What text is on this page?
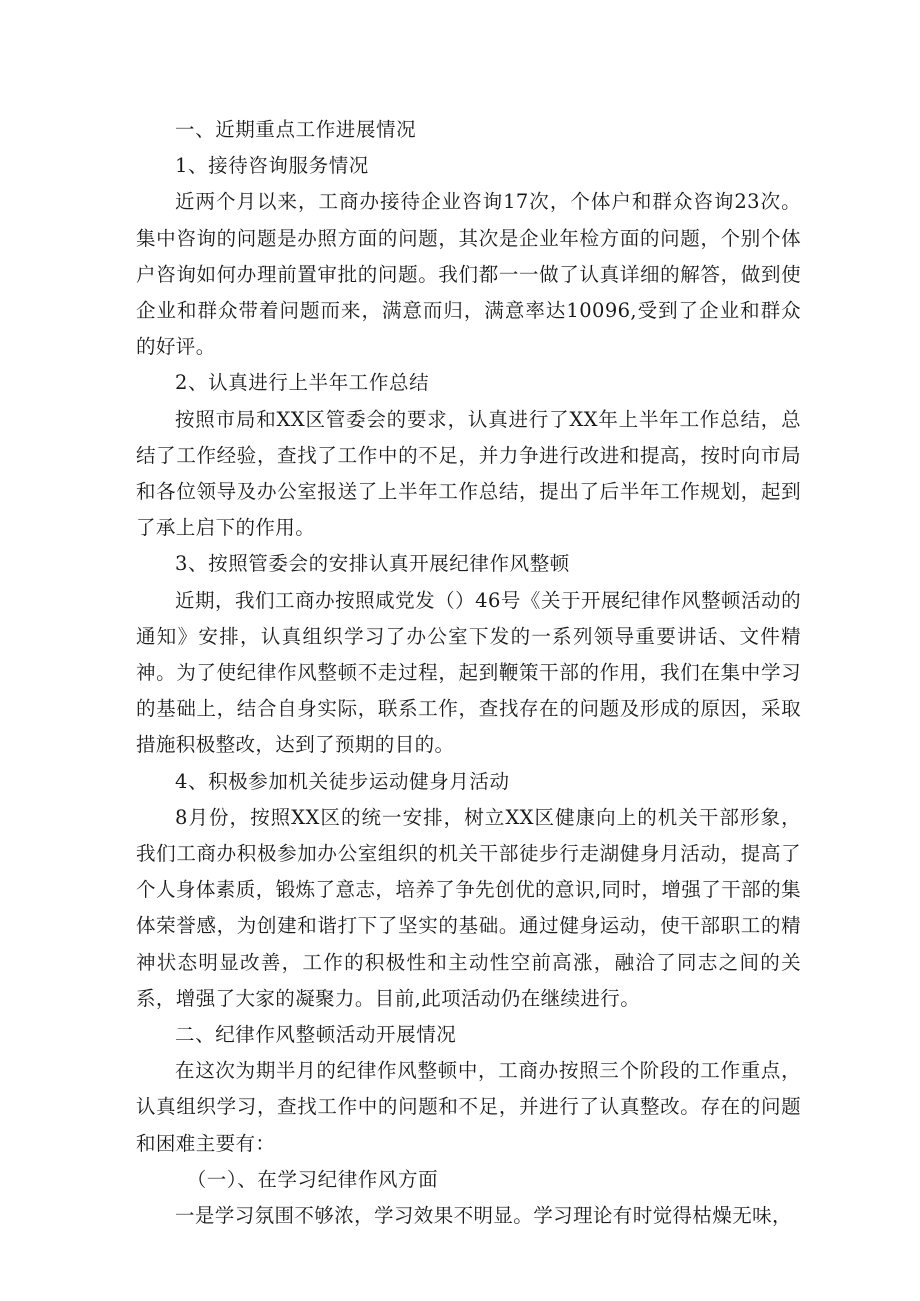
一、近期重点工作进展情况

1、接待咨询服务情况

近两个月以来，工商办接待企业咨询17次，个体户和群众咨询23次。集中咨询的问题是办照方面的问题，其次是企业年检方面的问题，个别个体户咨询如何办理前置审批的问题。我们都一一做了认真详细的解答，做到使企业和群众带着问题而来，满意而归，满意率达10096,受到了企业和群众的好评。

2、认真进行上半年工作总结

按照市局和XX区管委会的要求，认真进行了XX年上半年工作总结，总结了工作经验，查找了工作中的不足，并力争进行改进和提高，按时向市局和各位领导及办公室报送了上半年工作总结，提出了后半年工作规划，起到了承上启下的作用。

3、按照管委会的安排认真开展纪律作风整顿

近期，我们工商办按照咸党发（）46号《关于开展纪律作风整顿活动的通知》安排，认真组织学习了办公室下发的一系列领导重要讲话、文件精神。为了使纪律作风整顿不走过程，起到鞭策干部的作用，我们在集中学习的基础上，结合自身实际，联系工作，查找存在的问题及形成的原因，采取措施积极整改，达到了预期的目的。

4、积极参加机关徒步运动健身月活动

8月份，按照XX区的统一安排，树立XX区健康向上的机关干部形象，我们工商办积极参加办公室组织的机关干部徒步行走湖健身月活动，提高了个人身体素质，锻炼了意志，培养了争先创优的意识,同时，增强了干部的集体荣誉感，为创建和谐打下了坚实的基础。通过健身运动，使干部职工的精神状态明显改善，工作的积极性和主动性空前高涨，融洽了同志之间的关系，增强了大家的凝聚力。目前,此项活动仍在继续进行。

二、纪律作风整顿活动开展情况

在这次为期半月的纪律作风整顿中，工商办按照三个阶段的工作重点，认真组织学习，查找工作中的问题和不足，并进行了认真整改。存在的问题和困难主要有：

（一）、在学习纪律作风方面

一是学习氛围不够浓，学习效果不明显。学习理论有时觉得枯燥无味，
